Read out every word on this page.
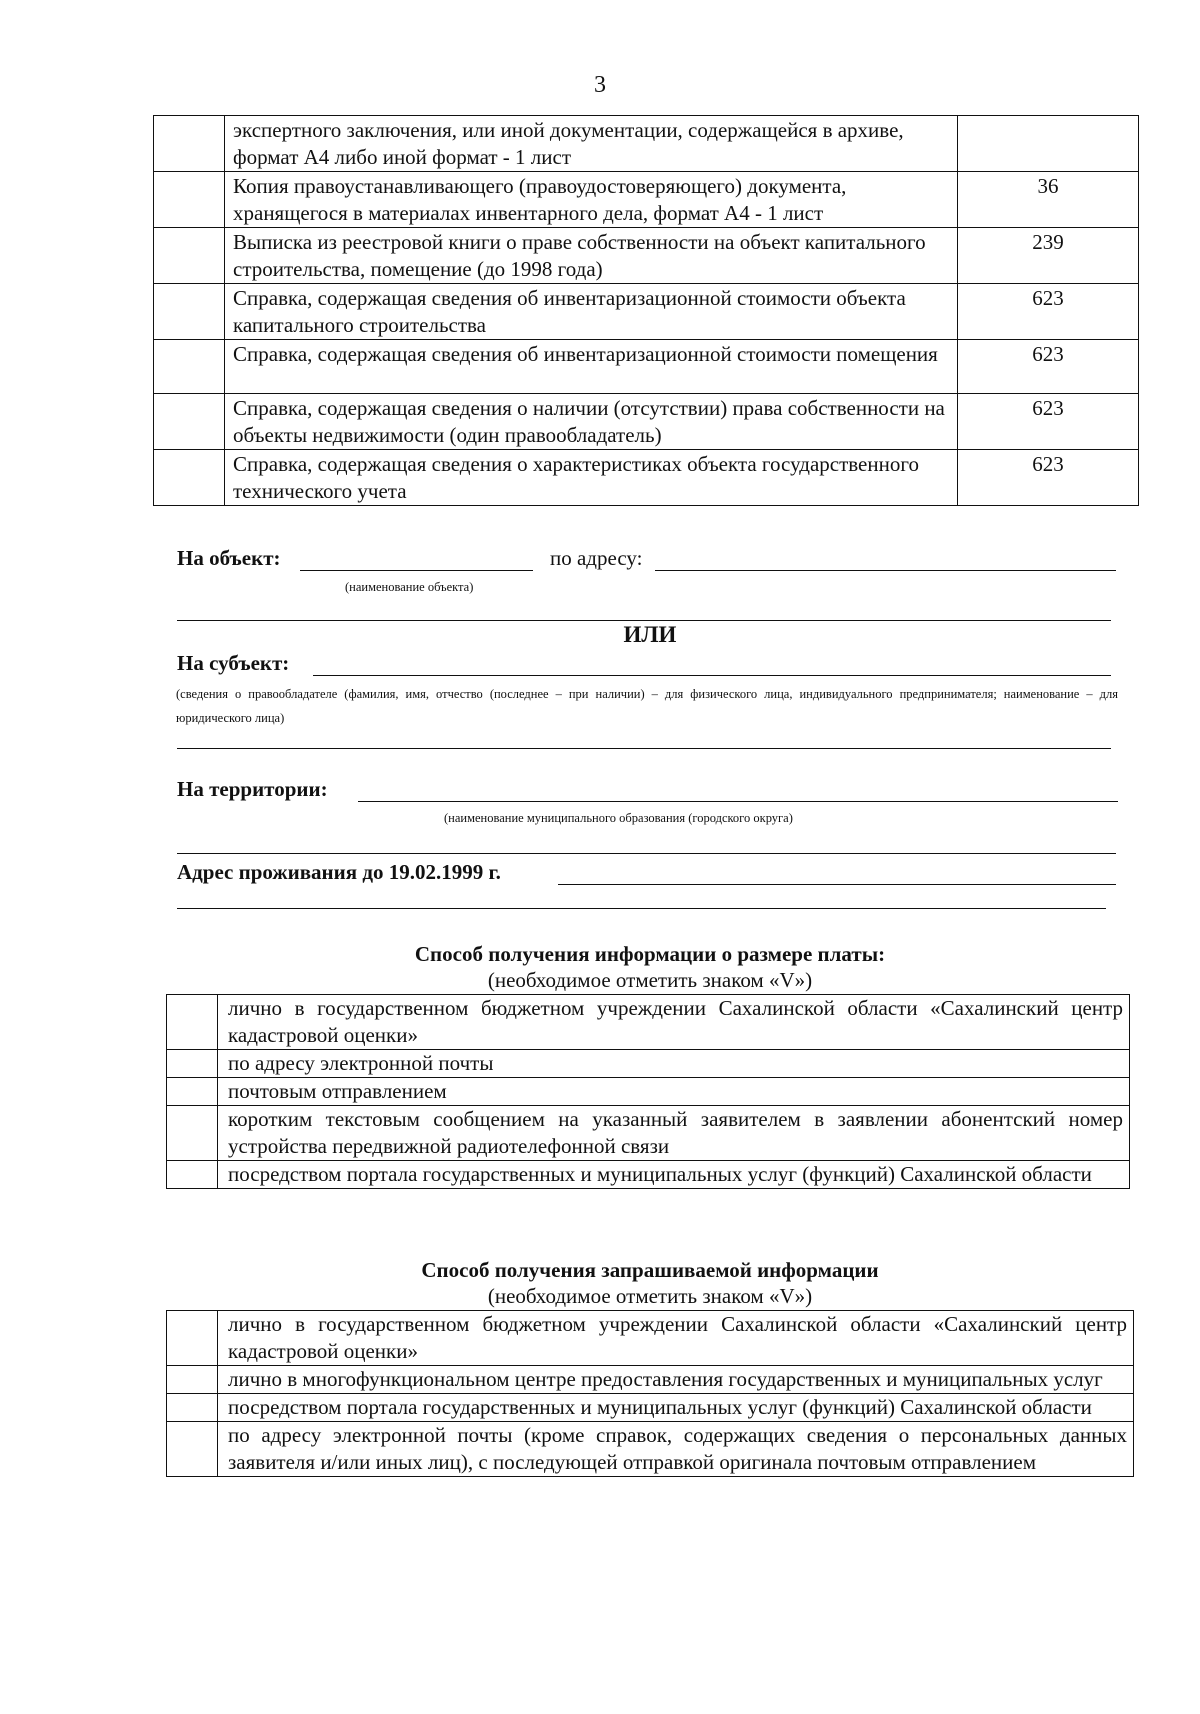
3
	экспертного заключения, или иной документации, содержащейся в архиве, формат А4 либо иной формат - 1 лист	
	Копия правоустанавливающего (правоудостоверяющего) документа, хранящегося в материалах инвентарного дела, формат А4 - 1 лист	36
	Выписка из реестровой книги о праве собственности на объект капитального строительства, помещение (до 1998 года)	239
	Справка, содержащая сведения об инвентаризационной стоимости объекта капитального строительства	623
	Справка, содержащая сведения об инвентаризационной стоимости помещения	623
	Справка, содержащая сведения о наличии (отсутствии) права собственности на объекты недвижимости (один правообладатель)	623
	Справка, содержащая сведения о характеристиках объекта государственного технического учета	623
На объект:	по адресу:
(наименование объекта)
ИЛИ
На субъект:
(сведения о правообладателе (фамилия, имя, отчество (последнее – при наличии) – для физического лица, индивидуального предпринимателя; наименование – для юридического лица)
На территории:
(наименование муниципального образования (городского округа)
Адрес проживания до 19.02.1999 г.
Способ получения информации о размере платы:
(необходимое отметить знаком «V»)
	лично в государственном бюджетном учреждении Сахалинской области «Сахалинский центр кадастровой оценки»
	по адресу электронной почты
	почтовым отправлением
	коротким текстовым сообщением на указанный заявителем в заявлении абонентский номер устройства передвижной радиотелефонной связи
	посредством портала государственных и муниципальных услуг (функций) Сахалинской области
Способ получения запрашиваемой информации
(необходимое отметить знаком «V»)
	лично в государственном бюджетном учреждении Сахалинской области «Сахалинский центр кадастровой оценки»
	лично в многофункциональном центре предоставления государственных и муниципальных услуг
	посредством портала государственных и муниципальных услуг (функций) Сахалинской области
	по адресу электронной почты (кроме справок, содержащих сведения о персональных данных заявителя и/или иных лиц), с последующей отправкой оригинала почтовым отправлением
